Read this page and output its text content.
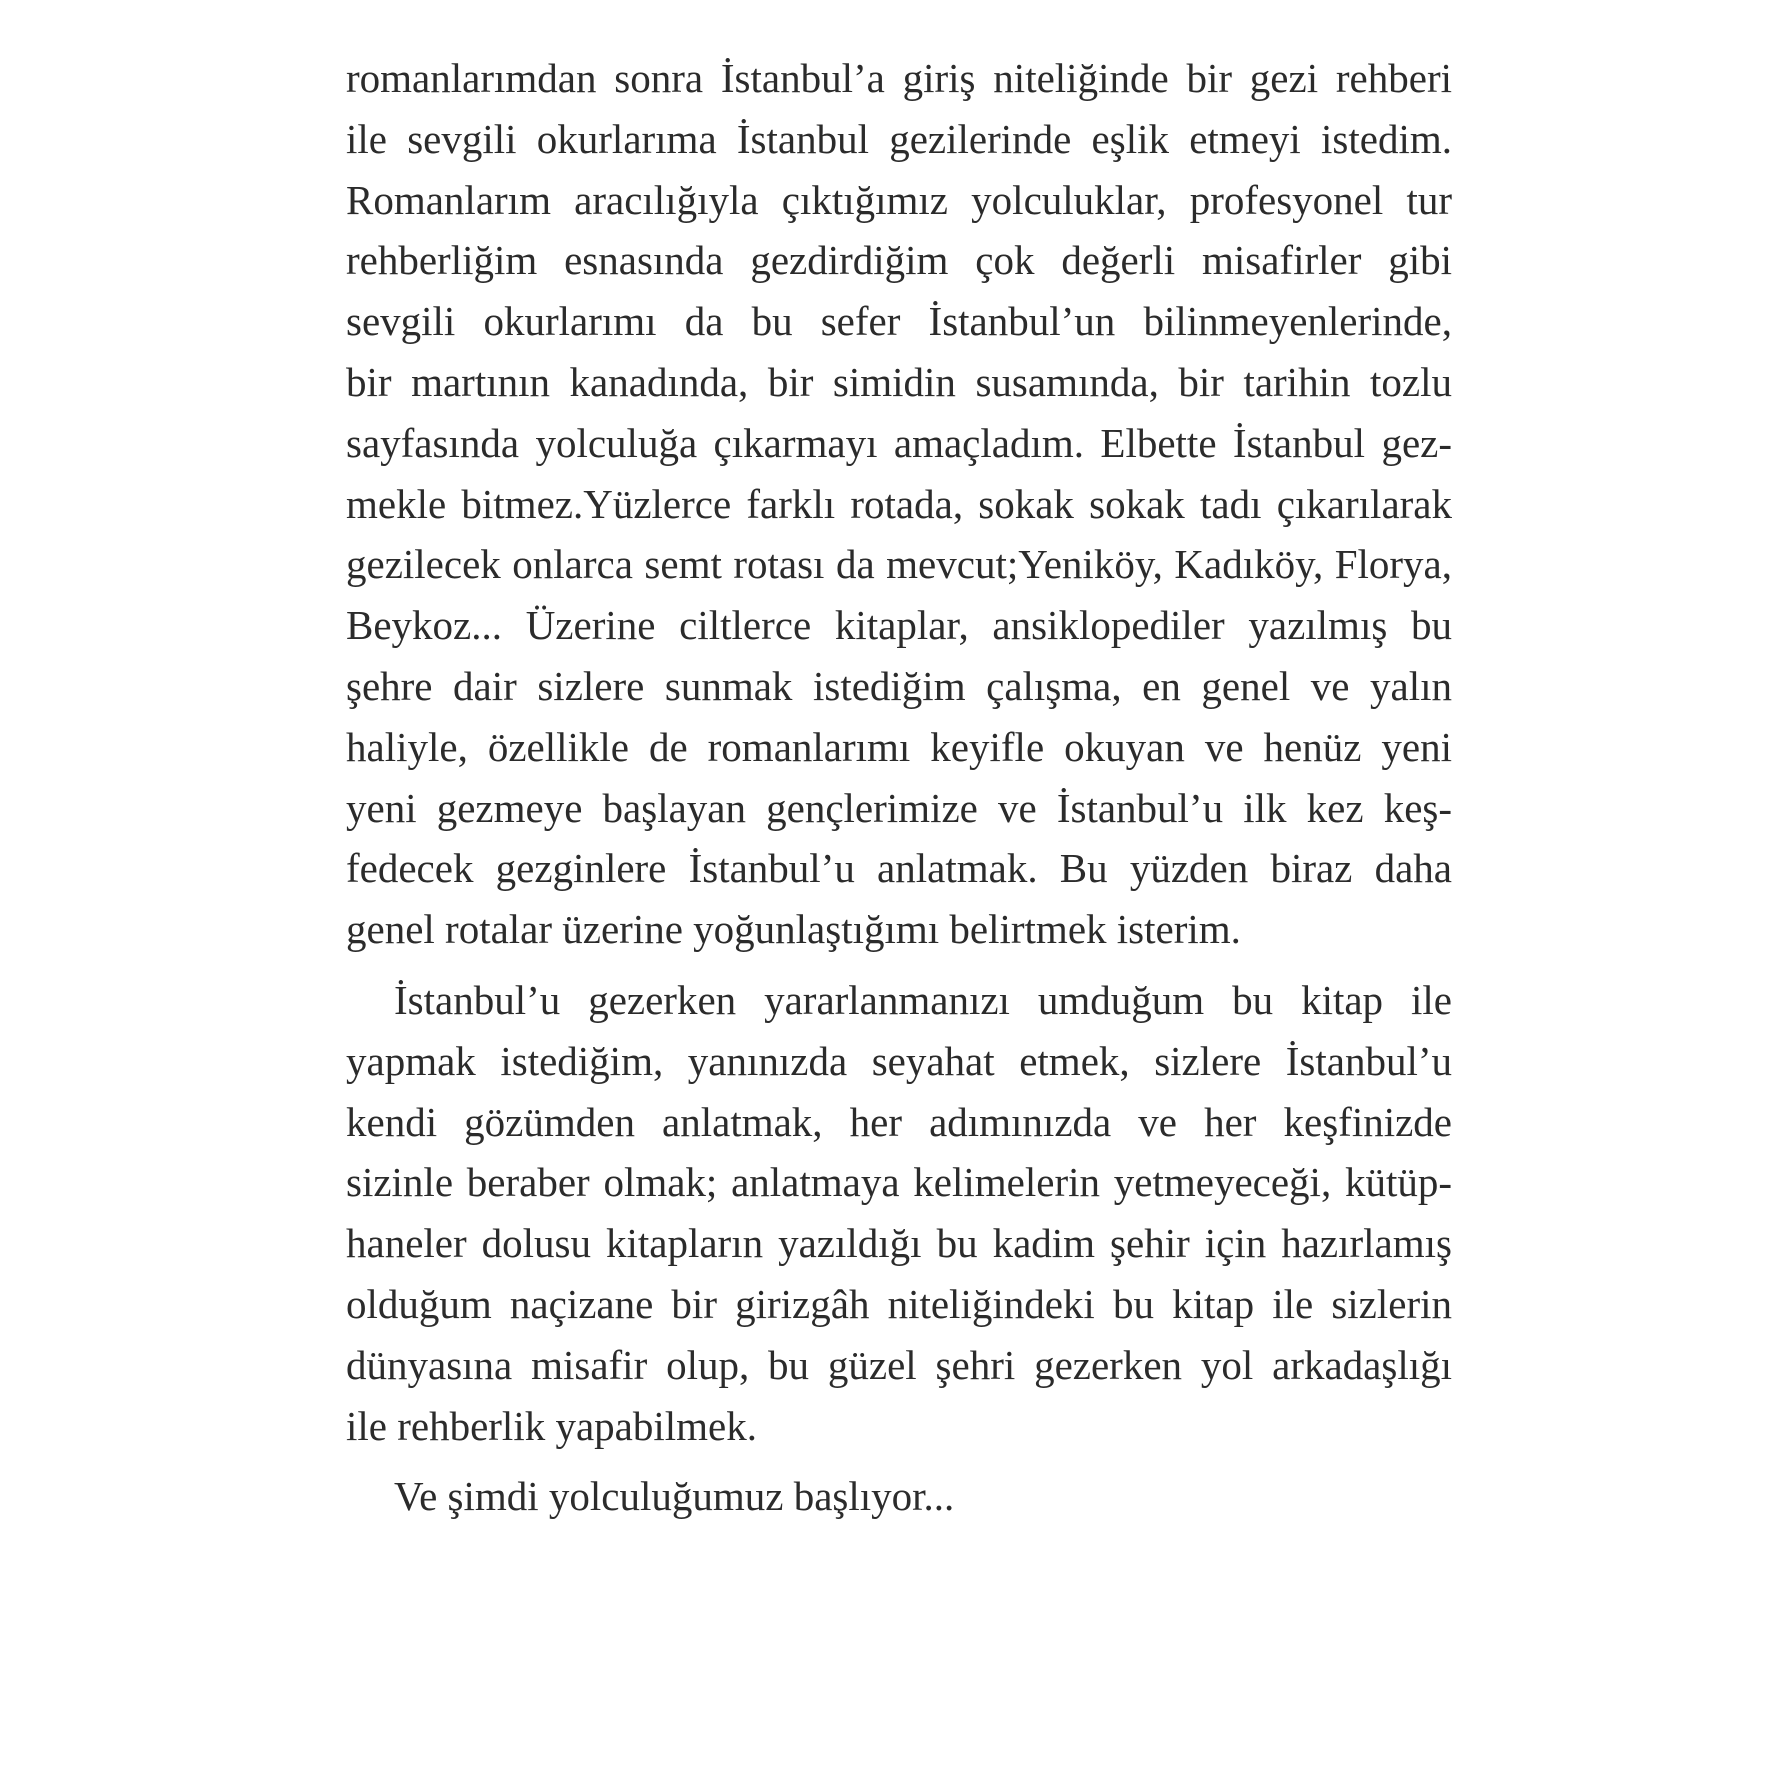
romanlarımdan sonra İstanbul’a giriş niteliğinde bir gezi rehberi
ile sevgili okurlarıma İstanbul gezilerinde eşlik etmeyi istedim.
Romanlarım aracılığıyla çıktığımız yolculuklar, profesyonel tur
rehberliğim esnasında gezdirdiğim çok değerli misafirler gibi
sevgili okurlarımı da bu sefer İstanbul’un bilinmeyenlerinde,
bir martının kanadında, bir simidin susamında, bir tarihin tozlu
sayfasında yolculuğa çıkarmayı amaçladım. Elbette İstanbul gez-
mekle bitmez.Yüzlerce farklı rotada, sokak sokak tadı çıkarılarak
gezilecek onlarca semt rotası da mevcut;Yeniköy, Kadıköy, Florya,
Beykoz... Üzerine ciltlerce kitaplar, ansiklopediler yazılmış bu
şehre dair sizlere sunmak istediğim çalışma, en genel ve yalın
haliyle, özellikle de romanlarımı keyifle okuyan ve henüz yeni
yeni gezmeye başlayan gençlerimize ve İstanbul’u ilk kez keş-
fedecek gezginlere İstanbul’u anlatmak. Bu yüzden biraz daha
genel rotalar üzerine yoğunlaştığımı belirtmek isterim.

İstanbul’u gezerken yararlanmanızı umduğum bu kitap ile
yapmak istediğim, yanınızda seyahat etmek, sizlere İstanbul’u
kendi gözümden anlatmak, her adımınızda ve her keşfinizde
sizinle beraber olmak; anlatmaya kelimelerin yetmeyeceği, kütüp-
haneler dolusu kitapların yazıldığı bu kadim şehir için hazırlamış
olduğum naçizane bir girizgâh niteliğindeki bu kitap ile sizlerin
dünyasına misafir olup, bu güzel şehri gezerken yol arkadaşlığı
ile rehberlik yapabilmek.

Ve şimdi yolculuğumuz başlıyor...
